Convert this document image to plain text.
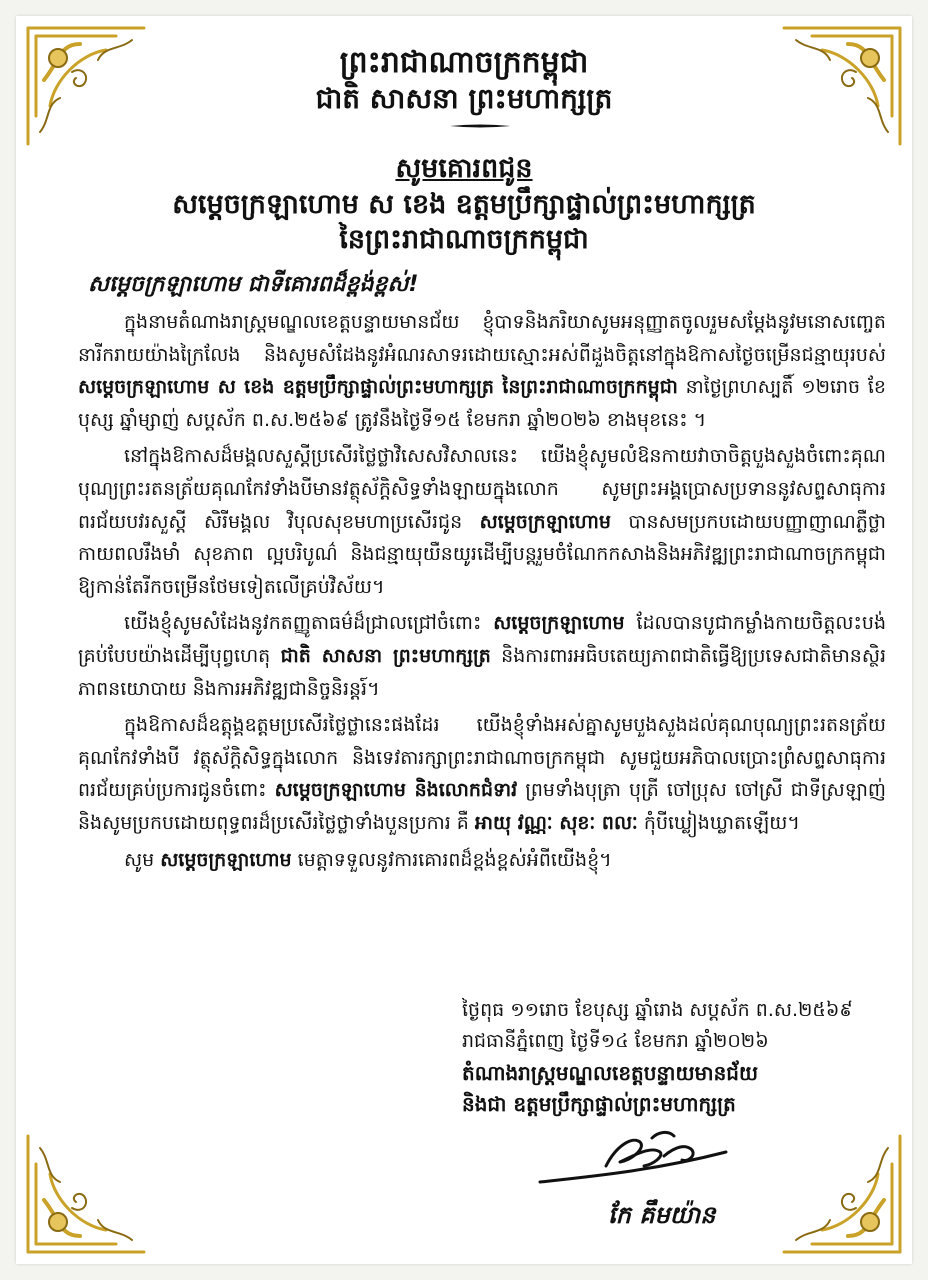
ព្រះរាជាណាចក្រកម្ពុជា
ជាតិ សាសនា ព្រះមហាក្សត្រ
សូមគោរពជូន
សម្តេចក្រឡាហោម ស ខេង ឧត្តមប្រឹក្សាផ្ទាល់ព្រះមហាក្សត្រ
នៃព្រះរាជាណាចក្រកម្ពុជា
សម្តេចក្រឡាហោម ជាទីគោរពដ៏ខ្ពង់ខ្ពស់!

ក្នុងនាមតំណាងរាស្ត្រមណ្ឌលខេត្តបន្ទាយមានជ័យ ខ្ញុំបាទនិងភរិយាសូមអនុញ្ញាតចូលរួមសម្តែងនូវមនោសញ្ចេតនារីករាយយ៉ាងក្រៃលែង និងសូមសំដែងនូវអំណរសាទរដោយស្មោះអស់ពីដួងចិត្តនៅក្នុងឱកាសថ្ងៃចម្រើនជន្មាយុរបស់ សម្តេចក្រឡាហោម ស ខេង ឧត្តមប្រឹក្សាផ្ទាល់ព្រះមហាក្សត្រ នៃព្រះរាជាណាចក្រកម្ពុជា នាថ្ងៃព្រហស្បតិ៍ ១២រោច ខែបុស្ស ឆ្នាំម្សាញ់ សប្តស័ក ព.ស.២៥៦៩ ត្រូវនឹងថ្ងៃទី១៥ ខែមករា ឆ្នាំ២០២៦ ខាងមុខនេះ ។

នៅក្នុងឱកាសដ៏មង្គលសួស្តីប្រសើរថ្លៃថ្លាវិសេសវិសាលនេះ យើងខ្ញុំសូមលំឱនកាយវាចាចិត្តបួងសួងចំពោះគុណបុណ្យព្រះរតនត្រ័យគុណកែវទាំងបីមានវត្ថុស័ក្តិសិទ្ធទាំងឡាយក្នុងលោក សូមព្រះអង្គប្រោសប្រទាននូវសព្ទសាធុការពរជ័យបវរសួស្តី សិរីមង្គល វិបុលសុខមហាប្រសើរជូន សម្តេចក្រឡាហោម បានសមប្រកបដោយបញ្ញាញាណភ្លឺថ្លា កាយពលរឹងមាំ សុខភាព ល្អបរិបូណ៌ និងជន្មាយុយឺនយូរដើម្បីបន្តរួមចំណែកកសាងនិងអភិវឌ្ឍព្រះរាជាណាចក្រកម្ពុជា ឱ្យកាន់តែរីកចម្រើនថែមទៀតលើគ្រប់វិស័យ។

យើងខ្ញុំសូមសំដែងនូវកតញ្ញូតាធម៌ដ៏ជ្រាលជ្រៅចំពោះ សម្តេចក្រឡាហោម ដែលបានបូជាកម្លាំងកាយចិត្តលះបង់គ្រប់បែបយ៉ាងដើម្បីបុព្វហេតុ ជាតិ សាសនា ព្រះមហាក្សត្រ និងការពារអធិបតេយ្យភាពជាតិធ្វើឱ្យប្រទេសជាតិមានស្ថិរភាពនយោបាយ និងការអភិវឌ្ឍជានិច្ចនិរន្តរ៍។

ក្នុងឱកាសដ៏ឧត្តុង្គឧត្តមប្រសើរថ្លៃថ្លានេះផងដែរ យើងខ្ញុំទាំងអស់គ្នាសូមបួងសួងដល់គុណបុណ្យព្រះរតនត្រ័យ គុណកែវទាំងបី វត្ថុស័ក្តិសិទ្ធក្នុងលោក និងទេវតារក្សាព្រះរាជាណាចក្រកម្ពុជា សូមជួយអភិបាលប្រោះព្រំសព្ទសាធុការពរជ័យគ្រប់ប្រការជូនចំពោះ សម្តេចក្រឡាហោម និងលោកជំទាវ ព្រមទាំងបុត្រា បុត្រី ចៅប្រុស ចៅស្រី ជាទីស្រឡាញ់ និងសូមប្រកបដោយពុទ្ធពរដ៏ប្រសើរថ្លៃថ្លាទាំងបួនប្រការ គឺ អាយុ វណ្ណៈ សុខៈ ពលៈ កុំបីឃ្លៀងឃ្លាតឡើយ។

សូម សម្តេចក្រឡាហោម មេត្តាទទួលនូវការគោរពដ៏ខ្ពង់ខ្ពស់អំពីយើងខ្ញុំ។

ថ្ងៃពុធ ១១រោច ខែបុស្ស ឆ្នាំរោង សប្តស័ក ព.ស.២៥៦៩
រាជធានីភ្នំពេញ ថ្ងៃទី១៤ ខែមករា ឆ្នាំ២០២៦
តំណាងរាស្ត្រមណ្ឌលខេត្តបន្ទាយមានជ័យ
និងជា ឧត្តមប្រឹក្សាផ្ទាល់ព្រះមហាក្សត្រ
កែ គឹមយ៉ាន
